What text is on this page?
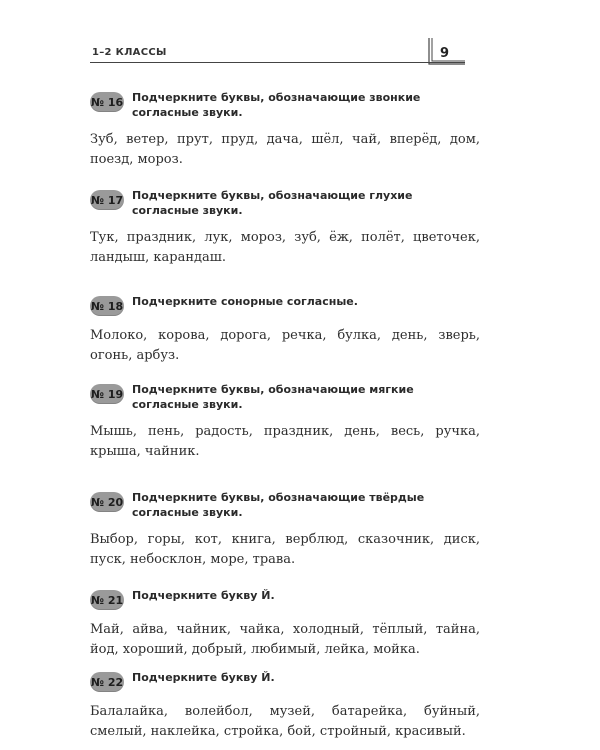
1–2 КЛАССЫ	9
№ 16 Подчеркните буквы, обозначающие звонкие согласные звуки.
Зуб, ветер, прут, пруд, дача, шёл, чай, вперёд, дом, поезд, мороз.
№ 17 Подчеркните буквы, обозначающие глухие согласные звуки.
Тук, праздник, лук, мороз, зуб, ёж, полёт, цветочек, ландыш, карандаш.
№ 18 Подчеркните сонорные согласные.
Молоко, корова, дорога, речка, булка, день, зверь, огонь, арбуз.
№ 19 Подчеркните буквы, обозначающие мягкие согласные звуки.
Мышь, пень, радость, праздник, день, весь, ручка, крыша, чайник.
№ 20 Подчеркните буквы, обозначающие твёрдые согласные звуки.
Выбор, горы, кот, книга, верблюд, сказочник, диск, пуск, небосклон, море, трава.
№ 21 Подчеркните букву Й.
Май, айва, чайник, чайка, холодный, тёплый, тайна, йод, хороший, добрый, любимый, лейка, мойка.
№ 22 Подчеркните букву Й.
Балалайка, волейбол, музей, батарейка, буйный, смелый, наклейка, стройка, бой, стройный, красивый.
